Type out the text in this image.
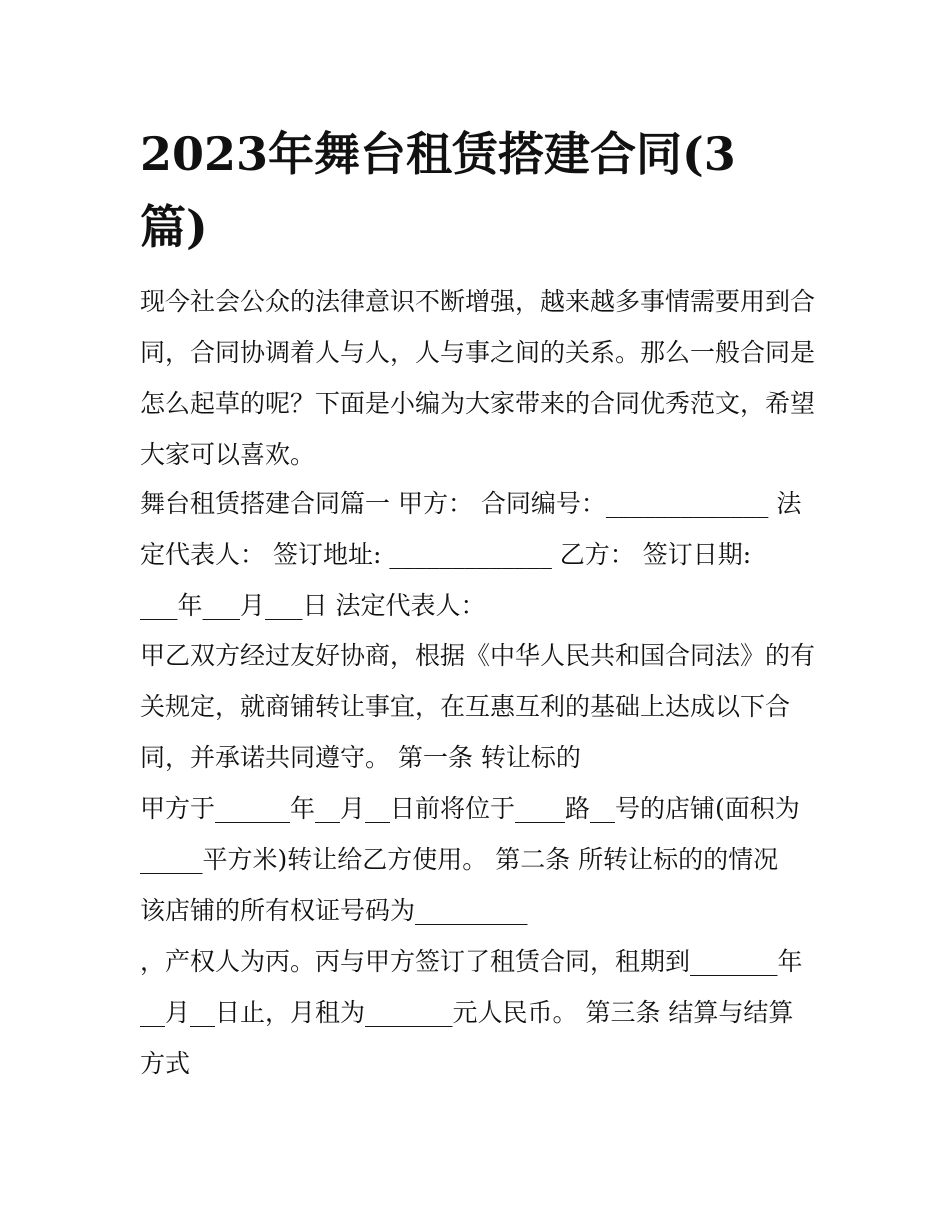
2023年舞台租赁搭建合同(3
篇)
现今社会公众的法律意识不断增强，越来越多事情需要用到合
同，合同协调着人与人，人与事之间的关系。那么一般合同是
怎么起草的呢？下面是小编为大家带来的合同优秀范文，希望
大家可以喜欢。
舞台租赁搭建合同篇一 甲方： 合同编号：_____________ 法
定代表人： 签订地址: _____________ 乙方： 签订日期:
___年___月___日 法定代表人：
甲乙双方经过友好协商，根据《中华人民共和国合同法》的有
关规定，就商铺转让事宜，在互惠互利的基础上达成以下合
同，并承诺共同遵守。 第一条 转让标的
甲方于______年__月__日前将位于____路__号的店铺(面积为
_____平方米)转让给乙方使用。 第二条 所转让标的的情况
该店铺的所有权证号码为_________
，产权人为丙。丙与甲方签订了租赁合同，租期到_______年
__月__日止，月租为_______元人民币。 第三条 结算与结算
方式
